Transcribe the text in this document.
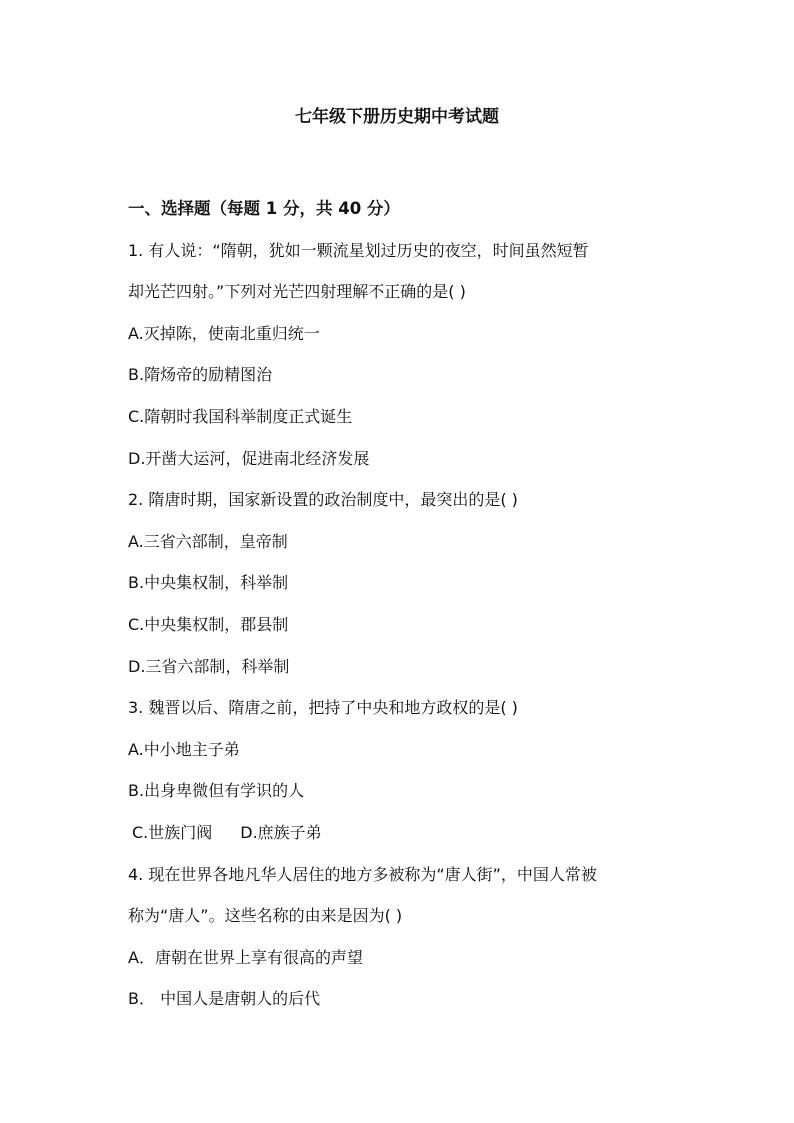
七年级下册历史期中考试题

一、选择题（每题 1 分，共 40 分）

1. 有人说：“隋朝，犹如一颗流星划过历史的夜空，时间虽然短暂

却光芒四射。”下列对光芒四射理解不正确的是( )

A.灭掉陈，使南北重归统一

B.隋炀帝的励精图治

C.隋朝时我国科举制度正式诞生

D.开凿大运河，促进南北经济发展

2. 隋唐时期，国家新设置的政治制度中，最突出的是( )

A.三省六部制，皇帝制

B.中央集权制，科举制

C.中央集权制，郡县制

D.三省六部制，科举制

3. 魏晋以后、隋唐之前，把持了中央和地方政权的是( )

A.中小地主子弟

B.出身卑微但有学识的人

C.世族门阀 D.庶族子弟

4. 现在世界各地凡华人居住的地方多被称为“唐人街”，中国人常被

称为“唐人”。这些名称的由来是因为( )

A．唐朝在世界上享有很高的声望

B． 中国人是唐朝人的后代
